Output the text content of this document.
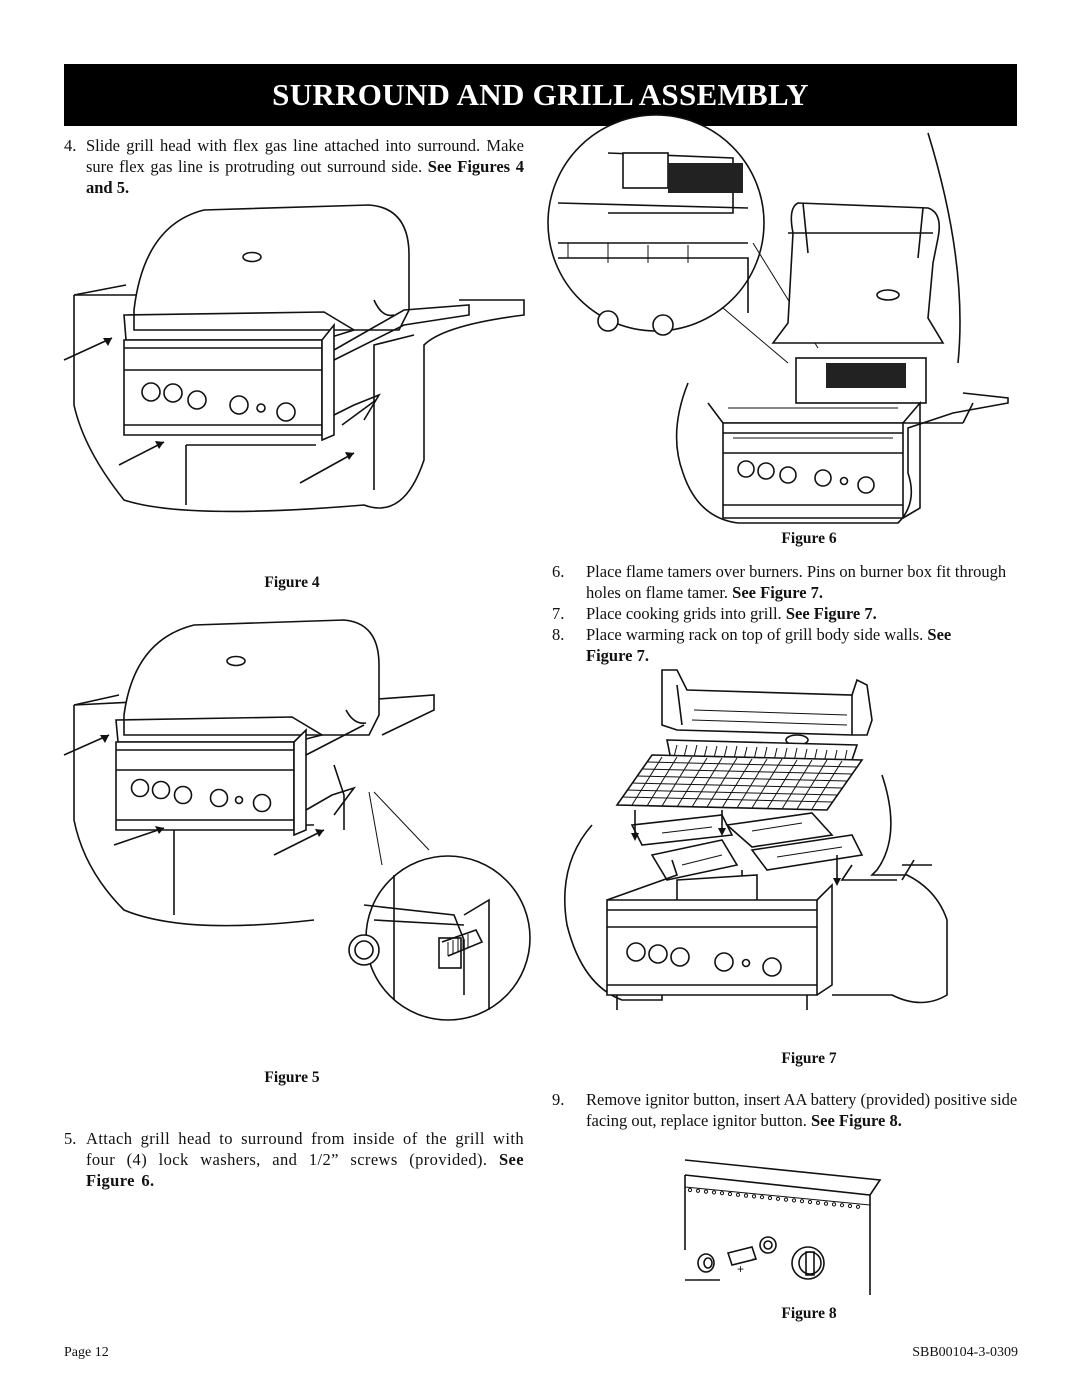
SURROUND AND GRILL ASSEMBLY
4. Slide grill head with flex gas line attached into surround. Make sure flex gas line is protruding out surround side. See Figures 4 and 5.
Figure 4
Figure 5
5. Attach grill head to surround from inside of the grill with four (4) lock washers, and 1/2” screws (provided). See Figure 6.
Figure 6
6. Place flame tamers over burners. Pins on burner box fit through holes on flame tamer. See Figure 7.
7. Place cooking grids into grill. See Figure 7.
8. Place warming rack on top of grill body side walls. See Figure 7.
Figure 7
9. Remove ignitor button, insert AA battery (provided) positive side facing out, replace ignitor button. See Figure 8.
-
+
Figure 8
Page 12	SBB00104-3-0309
